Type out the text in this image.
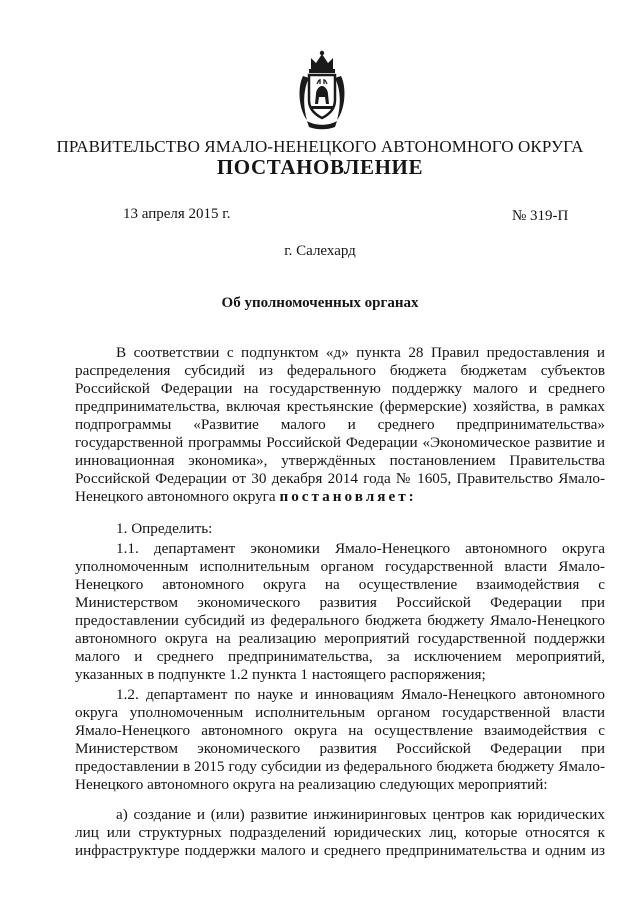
ПРАВИТЕЛЬСТВО ЯМАЛО-НЕНЕЦКОГО АВТОНОМНОГО ОКРУГА
ПОСТАНОВЛЕНИЕ
13 апреля 2015 г.	№ 319-П
г. Салехард
Об уполномоченных органах
В соответствии с подпунктом «д» пункта 28 Правил предоставления и
распределения субсидий из федерального бюджета бюджетам субъектов
Российской Федерации на государственную поддержку малого и среднего
предпринимательства, включая крестьянские (фермерские) хозяйства, в рамках
подпрограммы «Развитие малого и среднего предпринимательства»
государственной программы Российской Федерации «Экономическое развитие и
инновационная экономика», утверждённых постановлением Правительства
Российской Федерации от 30 декабря 2014 года № 1605, Правительство Ямало-
Ненецкого автономного округа постановляет:
1. Определить:
1.1. департамент экономики Ямало-Ненецкого автономного округа
уполномоченным исполнительным органом государственной власти Ямало-
Ненецкого автономного округа на осуществление взаимодействия с
Министерством экономического развития Российской Федерации при
предоставлении субсидий из федерального бюджета бюджету Ямало-Ненецкого
автономного округа на реализацию мероприятий государственной поддержки
малого и среднего предпринимательства, за исключением мероприятий,
указанных в подпункте 1.2 пункта 1 настоящего распоряжения;
1.2. департамент по науке и инновациям Ямало-Ненецкого автономного
округа уполномоченным исполнительным органом государственной власти
Ямало-Ненецкого автономного округа на осуществление взаимодействия с
Министерством экономического развития Российской Федерации при
предоставлении в 2015 году субсидии из федерального бюджета бюджету Ямало-
Ненецкого автономного округа на реализацию следующих мероприятий:
а) создание и (или) развитие инжиниринговых центров как юридических
лиц или структурных подразделений юридических лиц, которые относятся к
инфраструктуре поддержки малого и среднего предпринимательства и одним из
